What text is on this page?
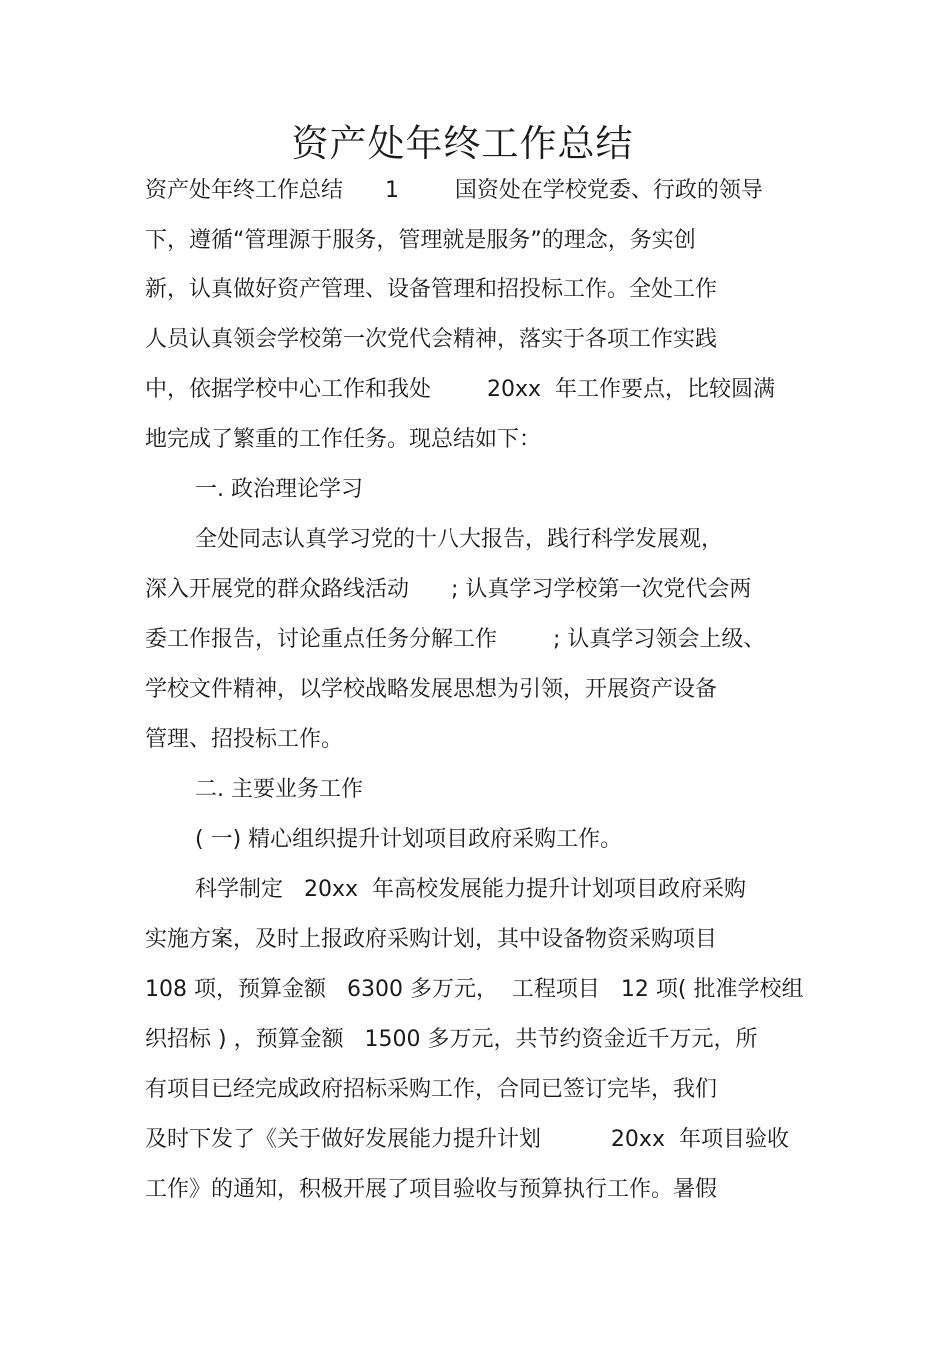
资产处年终工作总结

资产处年终工作总结      1        国资处在学校党委、行政的领导

下，遵循“管理源于服务，管理就是服务”的理念，务实创

新，认真做好资产管理、设备管理和招投标工作。全处工作

人员认真领会学校第一次党代会精神，落实于各项工作实践

中，依据学校中心工作和我处        20xx  年工作要点，比较圆满

地完成了繁重的工作任务。现总结如下：

一. 政治理论学习

全处同志认真学习党的十八大报告，践行科学发展观，

深入开展党的群众路线活动      ; 认真学习学校第一次党代会两

委工作报告，讨论重点任务分解工作        ; 认真学习领会上级、

学校文件精神，以学校战略发展思想为引领，开展资产设备

管理、招投标工作。

二. 主要业务工作

( 一) 精心组织提升计划项目政府采购工作。

科学制定   20xx  年高校发展能力提升计划项目政府采购

实施方案，及时上报政府采购计划，其中设备物资采购项目

108 项，预算金额   6300 多万元，  工程项目   12 项( 批准学校组

织招标 ) ，预算金额   1500 多万元，共节约资金近千万元，所

有项目已经完成政府招标采购工作，合同已签订完毕，我们

及时下发了《关于做好发展能力提升计划          20xx  年项目验收

工作》的通知，积极开展了项目验收与预算执行工作。暑假
